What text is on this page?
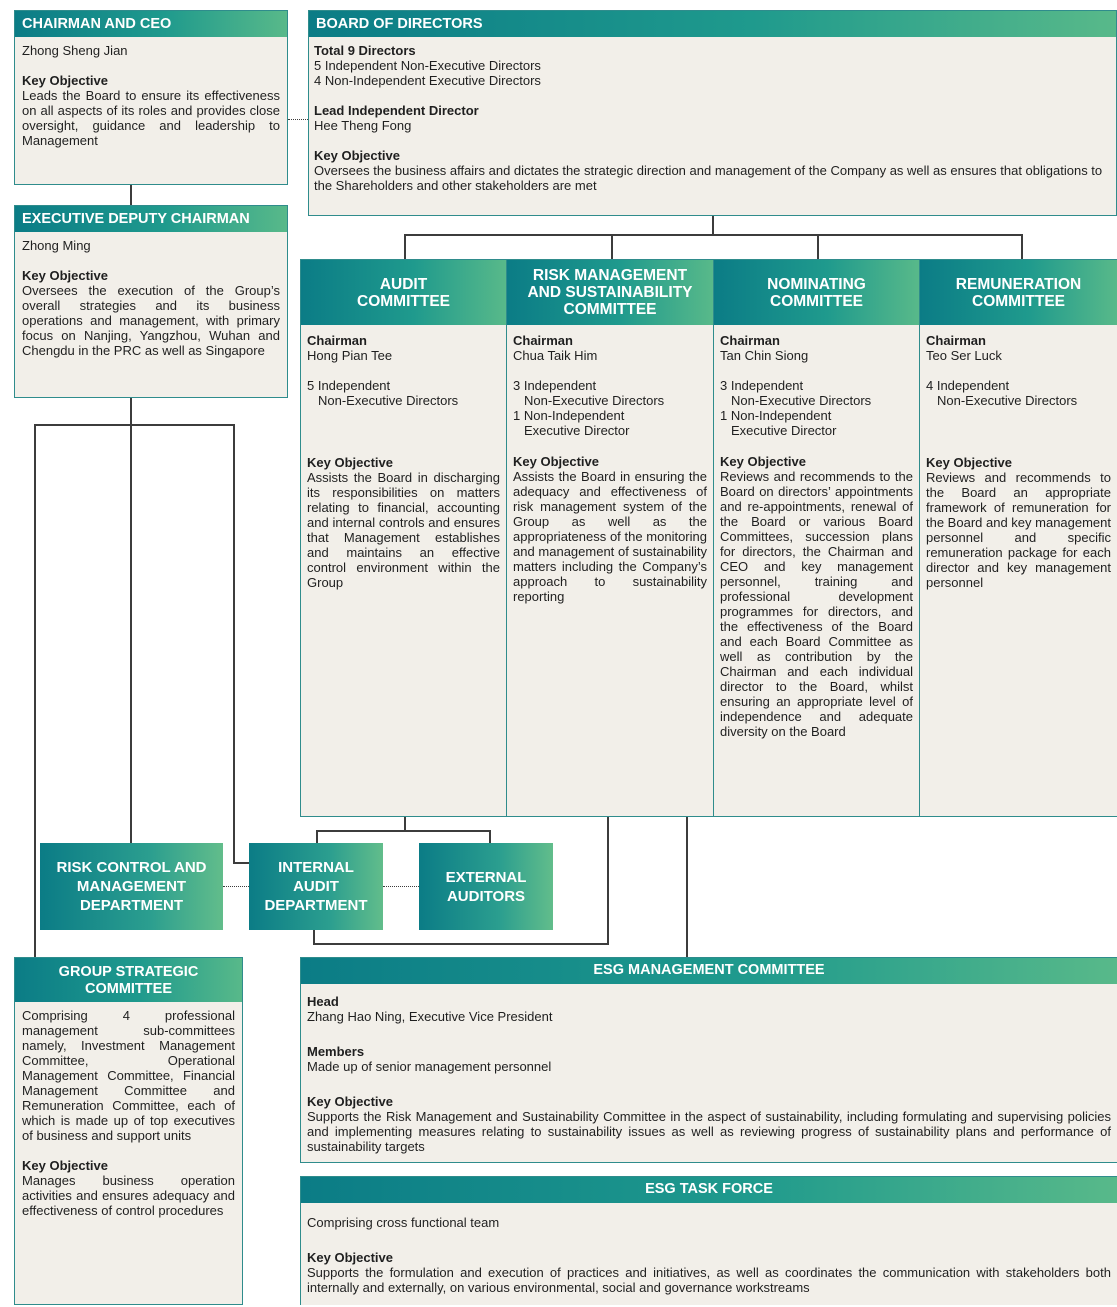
CHAIRMAN AND CEO

Zhong Sheng Jian

Key Objective

Leads the Board to ensure its effectiveness on all aspects of its roles and provides close oversight, guidance and leadership to Management

EXECUTIVE DEPUTY CHAIRMAN

Zhong Ming

Key Objective

Oversees the execution of the Group’s overall strategies and its business operations and management, with primary focus on Nanjing, Yangzhou, Wuhan and Chengdu in the PRC as well as Singapore

BOARD OF DIRECTORS
Total 9 Directors

5 Independent Non-Executive Directors

4 Non-Independent Executive Directors

Lead Independent Director

Hee Theng Fong

Key Objective

Oversees the business affairs and dictates the strategic direction and management of the Company as well as ensures that obligations to the Shareholders and other stakeholders are met

AUDIT COMMITTEE
Chairman

Hong Pian Tee

5 Independent

Non-Executive Directors
Key Objective

Assists the Board in discharging its responsibilities on matters relating to financial, accounting and internal controls and ensures that Management establishes and maintains an effective control environment within the Group

RISK MANAGEMENT AND SUSTAINABILITY COMMITTEE
Chairman

Chua Taik Him

3 Independent

Non-Executive Directors

1 Non-Independent

Executive Director
Key Objective

Assists the Board in ensuring the adequacy and effectiveness of risk management system of the Group as well as the appropriateness of the monitoring and management of sustainability matters including the Company’s approach to sustainability reporting

NOMINATING COMMITTEE
Chairman

Tan Chin Siong

3 Independent

Non-Executive Directors

1 Non-Independent

Executive Director
Key Objective

Reviews and recommends to the Board on directors’ appointments and re-appointments, renewal of the Board or various Board Committees, succession plans for directors, the Chairman and CEO and key management personnel, training and professional development programmes for directors, and the effectiveness of the Board and each Board Committee as well as contribution by the Chairman and each individual director to the Board, whilst ensuring an appropriate level of independence and adequate diversity on the Board

REMUNERATION COMMITTEE
Chairman

Teo Ser Luck

4 Independent

Non-Executive Directors
Key Objective

Reviews and recommends to the Board an appropriate framework of remuneration for the Board and key management personnel and specific remuneration package for each director and key management personnel

RISK CONTROL AND MANAGEMENT DEPARTMENT
INTERNAL AUDIT DEPARTMENT
EXTERNAL AUDITORS
GROUP STRATEGIC COMMITTEE

Comprising 4 professional management sub-committees namely, Investment Management Committee, Operational Management Committee, Financial Management Committee and Remuneration Committee, each of which is made up of top executives of business and support units

Key Objective

Manages business operation activities and ensures adequacy and effectiveness of control procedures

ESG MANAGEMENT COMMITTEE
Head

Zhang Hao Ning, Executive Vice President

Members

Made up of senior management personnel

Key Objective

Supports the Risk Management and Sustainability Committee in the aspect of sustainability, including formulating and supervising policies and implementing measures relating to sustainability issues as well as reviewing progress of sustainability plans and performance of sustainability targets

ESG TASK FORCE

Comprising cross functional team

Key Objective

Supports the formulation and execution of practices and initiatives, as well as coordinates the communication with stakeholders both internally and externally, on various environmental, social and governance workstreams
